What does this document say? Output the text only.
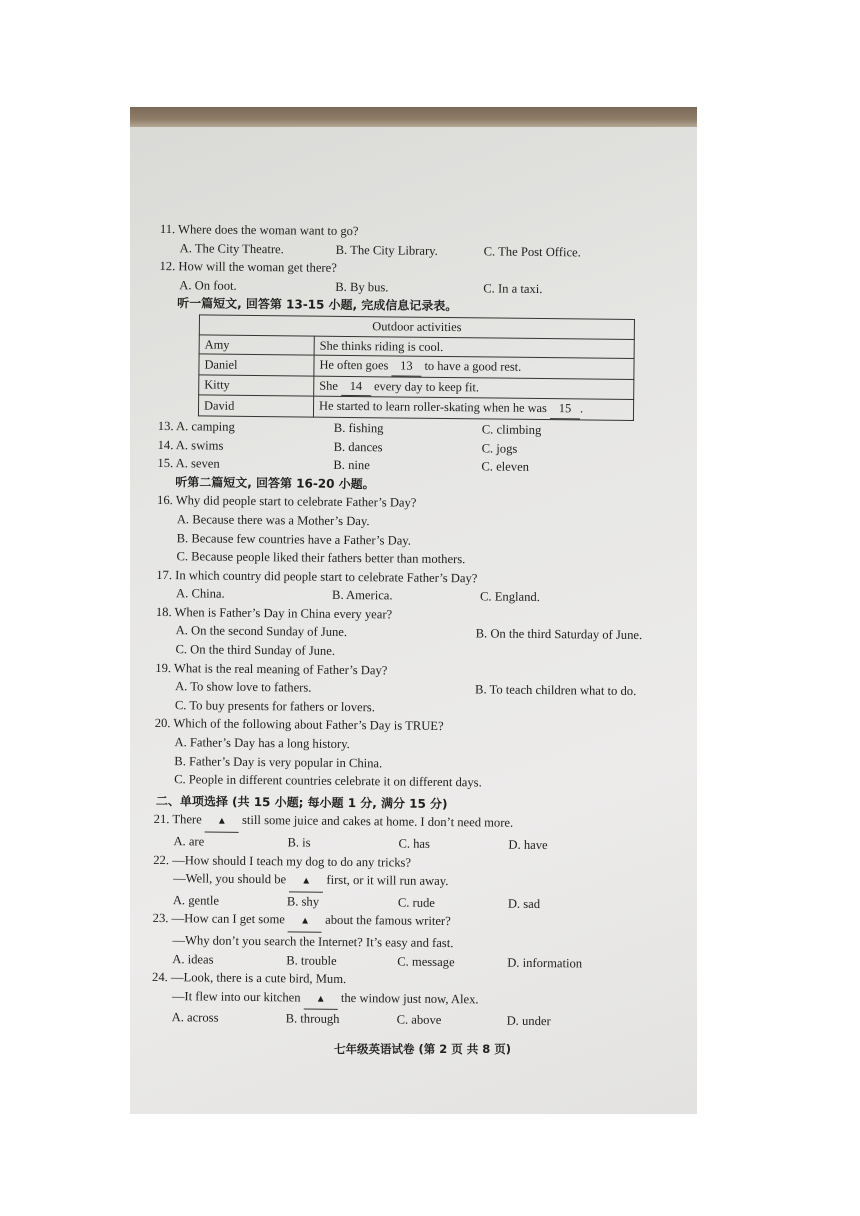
11. Where does the woman want to go?

A. The City Theatre.	B. The City Library.	C. The Post Office.

12. How will the woman get there?

A. On foot.	B. By bus.	C. In a taxi.

听一篇短文, 回答第 13-15 小题, 完成信息记录表。

Outdoor activities	
Amy	She thinks riding is cool.
Daniel	He often goes 13 to have a good rest.
Kitty	She 14 every day to keep fit.
David	He started to learn roller-skating when he was 15 .
13. A. camping	B. fishing	C. climbing
14. A. swims	B. dances	C. jogs
15. A. seven	B. nine	C. eleven

听第二篇短文, 回答第 16-20 小题。

16. Why did people start to celebrate Father’s Day?

A. Because there was a Mother’s Day.

B. Because few countries have a Father’s Day.

C. Because people liked their fathers better than mothers.

17. In which country did people start to celebrate Father’s Day?

A. China.	B. America.	C. England.

18. When is Father’s Day in China every year?

A. On the second Sunday of June.	B. On the third Saturday of June.

C. On the third Sunday of June.

19. What is the real meaning of Father’s Day?

A. To show love to fathers.	B. To teach children what to do.

C. To buy presents for fathers or lovers.

20. Which of the following about Father’s Day is TRUE?

A. Father’s Day has a long history.

B. Father’s Day is very popular in China.

C. People in different countries celebrate it on different days.

二、单项选择 (共 15 小题; 每小题 1 分, 满分 15 分)

21. There ▲ still some juice and cakes at home. I don’t need more.

A. are	B. is	C. has	D. have

22. —How should I teach my dog to do any tricks?

—Well, you should be ▲ first, or it will run away.

A. gentle	B. shy	C. rude	D. sad

23. —How can I get some ▲ about the famous writer?

—Why don’t you search the Internet? It’s easy and fast.

A. ideas	B. trouble	C. message	D. information

24. —Look, there is a cute bird, Mum.

—It flew into our kitchen ▲ the window just now, Alex.

A. across	B. through	C. above	D. under
七年级英语试卷 (第 2 页 共 8 页)
